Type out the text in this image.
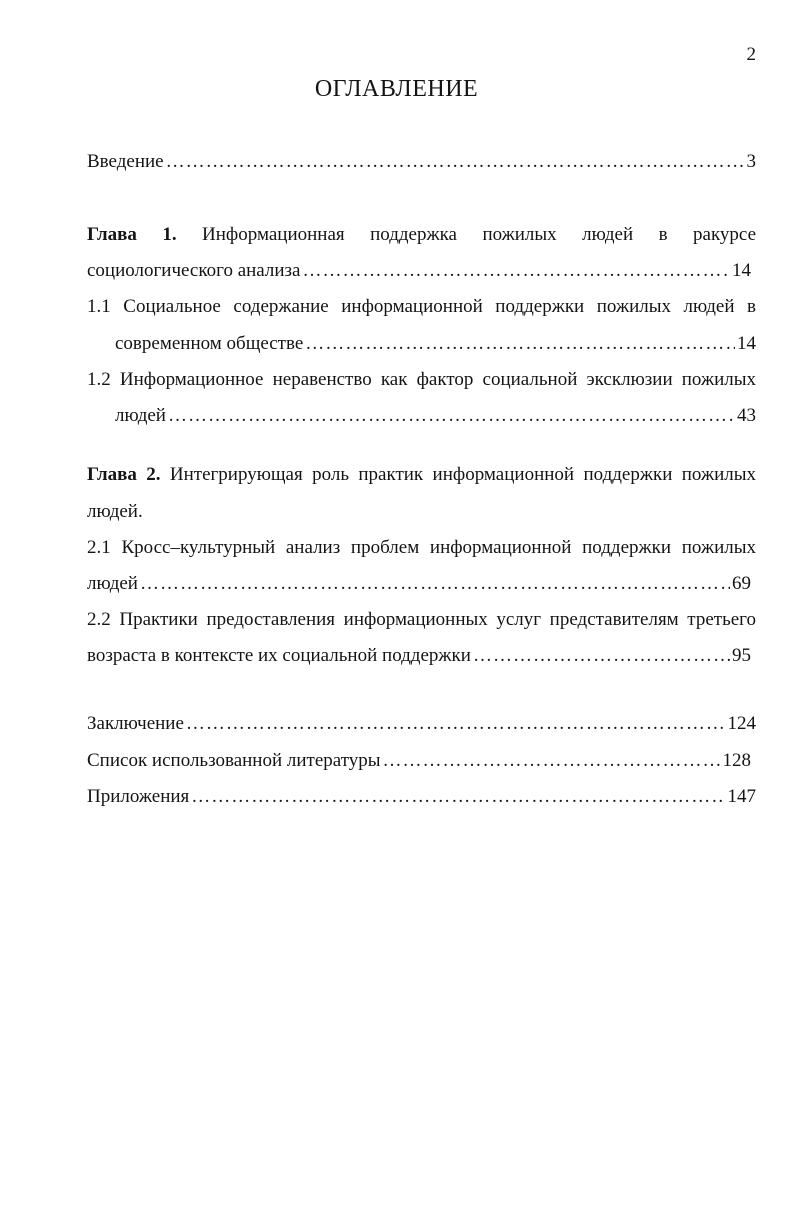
2
ОГЛАВЛЕНИЕ
Введение ………………………………………………………………………………………………………………………………………………………………	3
Глава 1. Информационная поддержка пожилых людей в ракурсе
социологического анализа ………………………………………………………………………………………………………………………………………………………………	14
1.1 Социальное содержание информационной поддержки пожилых людей в
современном обществе ………………………………………………………………………………………………………………………………………………………………	14
1.2 Информационное неравенство как фактор социальной эксклюзии пожилых
людей ………………………………………………………………………………………………………………………………………………………………	43
Глава 2. Интегрирующая роль практик информационной поддержки пожилых
людей.
2.1 Кросс–культурный анализ проблем информационной поддержки пожилых
людей ………………………………………………………………………………………………………………………………………………………………	69
2.2 Практики предоставления информационных услуг представителям третьего
возраста в контексте их социальной поддержки ………………………………………………………………………………………………………………………………………………………………	95
Заключение ………………………………………………………………………………………………………………………………………………………………	124
Список использованной литературы ………………………………………………………………………………………………………………………………………………………………	128
Приложения ………………………………………………………………………………………………………………………………………………………………	147
